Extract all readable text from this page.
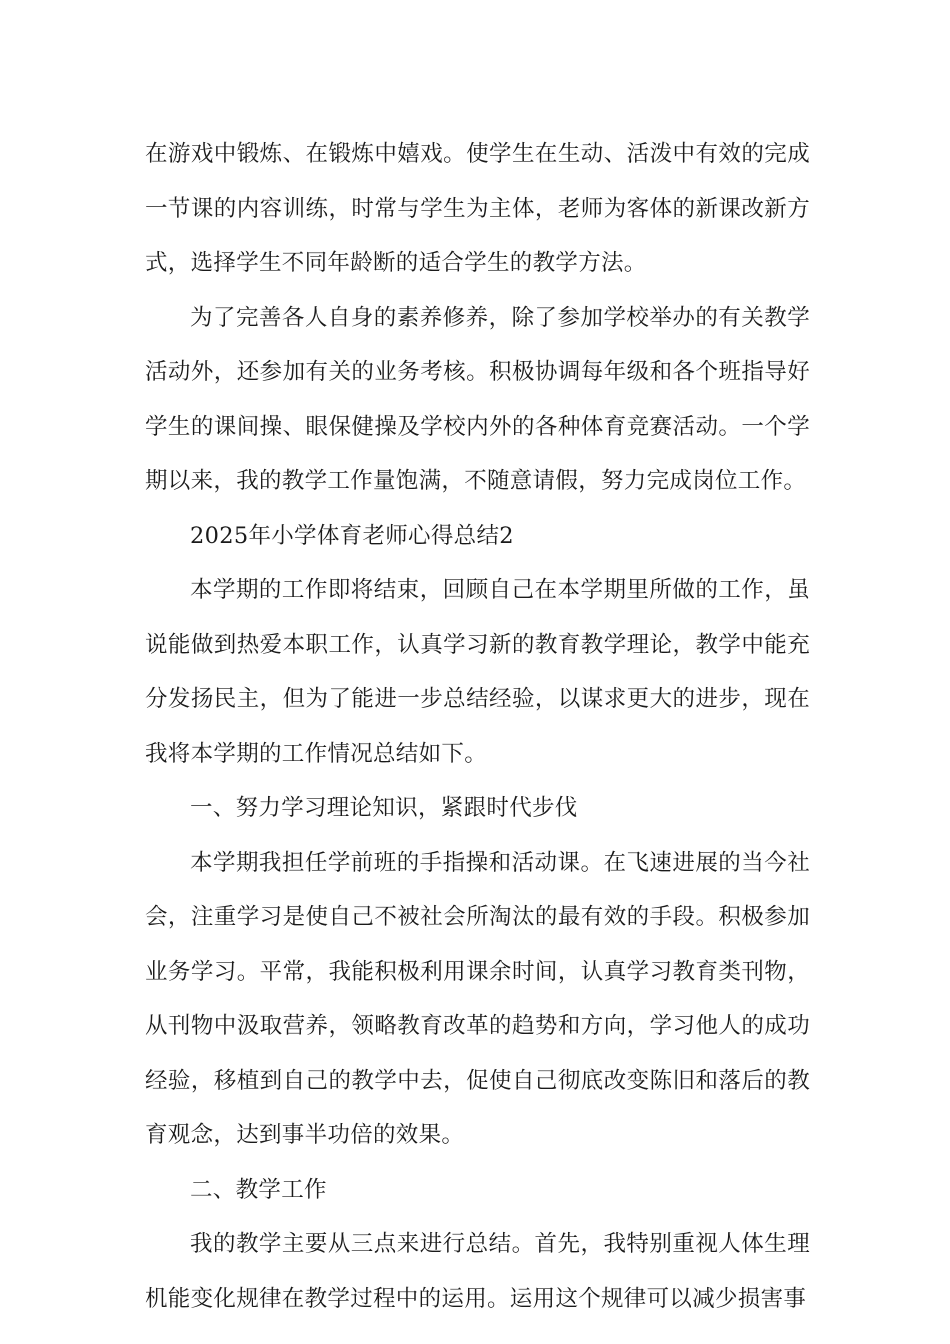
在游戏中锻炼、在锻炼中嬉戏。使学生在生动、活泼中有效的完成一节课的内容训练，时常与学生为主体，老师为客体的新课改新方式，选择学生不同年龄断的适合学生的教学方法。

为了完善各人自身的素养修养，除了参加学校举办的有关教学活动外，还参加有关的业务考核。积极协调每年级和各个班指导好学生的课间操、眼保健操及学校内外的各种体育竞赛活动。一个学期以来，我的教学工作量饱满，不随意请假，努力完成岗位工作。

2025年小学体育老师心得总结2

本学期的工作即将结束，回顾自己在本学期里所做的工作，虽说能做到热爱本职工作，认真学习新的教育教学理论，教学中能充分发扬民主，但为了能进一步总结经验，以谋求更大的进步，现在我将本学期的工作情况总结如下。

一、努力学习理论知识，紧跟时代步伐

本学期我担任学前班的手指操和活动课。在飞速进展的当今社会，注重学习是使自己不被社会所淘汰的最有效的手段。积极参加业务学习。平常，我能积极利用课余时间，认真学习教育类刊物，从刊物中汲取营养，领略教育改革的趋势和方向，学习他人的成功经验，移植到自己的教学中去，促使自己彻底改变陈旧和落后的教育观念，达到事半功倍的效果。

二、教学工作

我的教学主要从三点来进行总结。首先，我特别重视人体生理机能变化规律在教学过程中的运用。运用这个规律可以减少损害事
